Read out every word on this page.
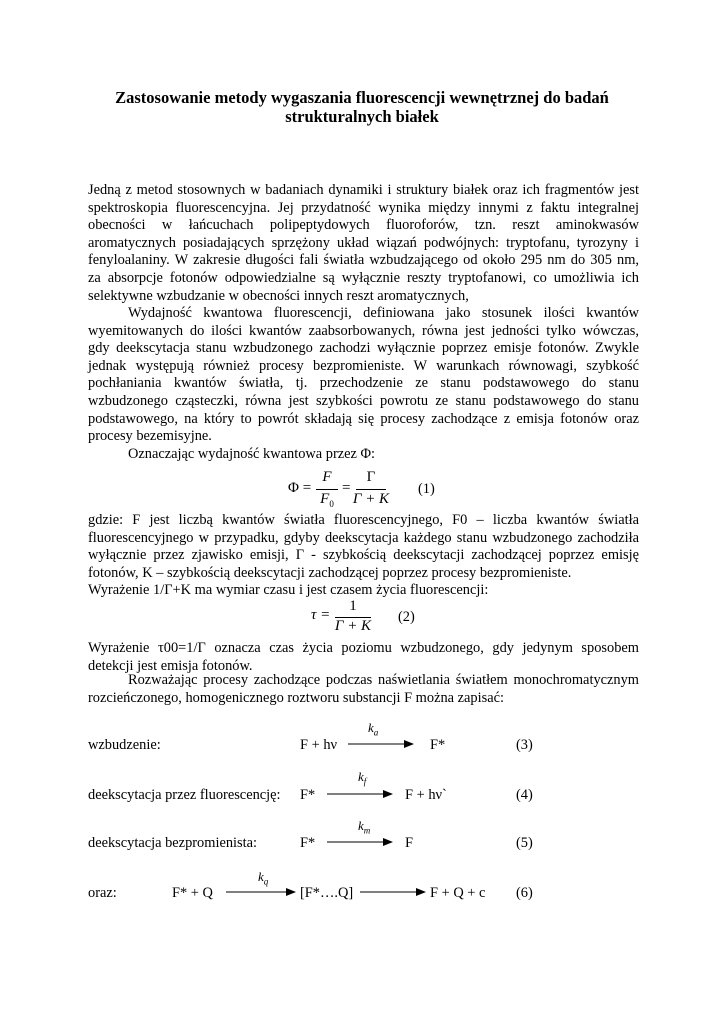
Zastosowanie metody wygaszania fluorescencji wewnętrznej do badań
strukturalnych białek
Jedną z metod stosownych w badaniach dynamiki i struktury białek oraz ich fragmentów jest
spektroskopia fluorescencyjna. Jej przydatność wynika między innymi z faktu integralnej
obecności w łańcuchach polipeptydowych fluoroforów, tzn. reszt aminokwasów
aromatycznych posiadających sprzężony układ wiązań podwójnych: tryptofanu, tyrozyny i
fenyloalaniny. W zakresie długości fali światła wzbudzającego od około 295 nm do 305 nm,
za absorpcje fotonów odpowiedzialne są wyłącznie reszty tryptofanowi, co umożliwia ich
selektywne wzbudzanie w obecności innych reszt aromatycznych,
Wydajność kwantowa fluorescencji, definiowana jako stosunek ilości kwantów
wyemitowanych do ilości kwantów zaabsorbowanych, równa jest jedności tylko wówczas,
gdy deekscytacja stanu wzbudzonego zachodzi wyłącznie poprzez emisje fotonów. Zwykle
jednak występują również procesy bezpromieniste. W warunkach równowagi, szybkość
pochłaniania kwantów światła, tj. przechodzenie ze stanu podstawowego do stanu
wzbudzonego cząsteczki, równa jest szybkości powrotu ze stanu podstawowego do stanu
podstawowego, na który to powrót składają się procesy zachodzące z emisja fotonów oraz
procesy bezemisyjne.
Oznaczając wydajność kwantowa przez Φ:
Φ =
F
$F_0$
=
Γ
Γ + K
(1)
gdzie: F jest liczbą kwantów światła fluorescencyjnego, F0 – liczba kwantów światła
fluorescencyjnego w przypadku, gdyby deekscytacja każdego stanu wzbudzonego zachodziła
wyłącznie przez zjawisko emisji, Γ - szybkością deekscytacji zachodzącej poprzez emisję
fotonów, K – szybkością deekscytacji zachodzącej poprzez procesy bezpromieniste.
Wyrażenie 1/Γ+K ma wymiar czasu i jest czasem życia fluorescencji:
τ =
1
Γ + K
(2)
Wyrażenie τ00=1/Γ oznacza czas życia poziomu wzbudzonego, gdy jedynym sposobem
detekcji jest emisja fotonów.
Rozważając procesy zachodzące podczas naświetlania światłem monochromatycznym
rozcieńczonego, homogenicznego roztworu substancji F można zapisać:
wzbudzenie:	F + hν
$k_a$
F*	(3)
deekscytacja przez fluorescencję: F*
$k_f$
F + hν`	(4)
deekscytacja bezpromienista:	F*
$k_m$
F	(5)
oraz:	F* + Q
$k_q$
[F*….Q]	F + Q + c (6)
